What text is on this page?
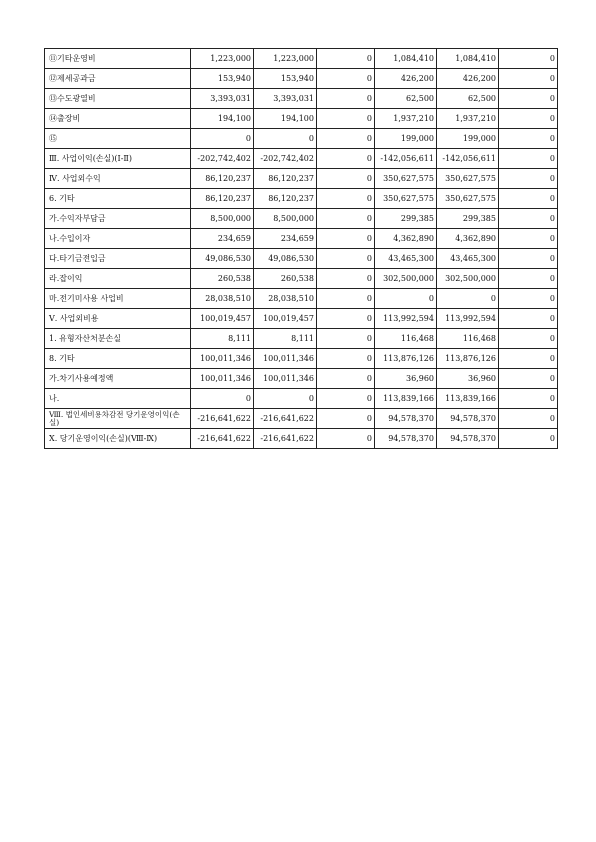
⑪기타운영비	1,223,000	1,223,000	0	1,084,410	1,084,410	0
⑫제세공과금	153,940	153,940	0	426,200	426,200	0
⑬수도광열비	3,393,031	3,393,031	0	62,500	62,500	0
⑭출장비	194,100	194,100	0	1,937,210	1,937,210	0
⑮	0	0	0	199,000	199,000	0
Ⅲ. 사업이익(손실)(Ⅰ-Ⅱ)	-202,742,402	-202,742,402	0	-142,056,611	-142,056,611	0
Ⅳ. 사업외수익	86,120,237	86,120,237	0	350,627,575	350,627,575	0
6. 기타	86,120,237	86,120,237	0	350,627,575	350,627,575	0
가.수익자부담금	8,500,000	8,500,000	0	299,385	299,385	0
나.수입이자	234,659	234,659	0	4,362,890	4,362,890	0
다.타기금전입금	49,086,530	49,086,530	0	43,465,300	43,465,300	0
라.잡이익	260,538	260,538	0	302,500,000	302,500,000	0
마.전기미사용 사업비	28,038,510	28,038,510	0	0	0	0
Ⅴ. 사업외비용	100,019,457	100,019,457	0	113,992,594	113,992,594	0
1. 유형자산처분손실	8,111	8,111	0	116,468	116,468	0
8. 기타	100,011,346	100,011,346	0	113,876,126	113,876,126	0
가.차기사용예정액	100,011,346	100,011,346	0	36,960	36,960	0
나.	0	0	0	113,839,166	113,839,166	0
Ⅷ. 법인세비용차감전 당기운영이익(손실)	-216,641,622	-216,641,622	0	94,578,370	94,578,370	0
Ⅹ. 당기운영이익(손실)(Ⅷ-Ⅸ)	-216,641,622	-216,641,622	0	94,578,370	94,578,370	0
